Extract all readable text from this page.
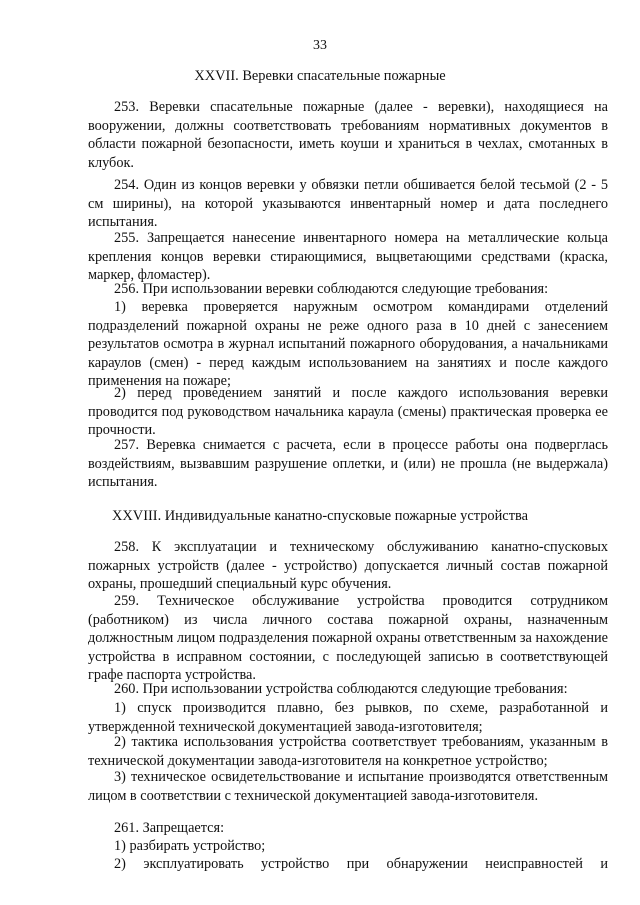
33
XXVII. Веревки спасательные пожарные

253. Веревки спасательные пожарные (далее - веревки), находящиеся на вооружении, должны соответствовать требованиям нормативных документов в области пожарной безопасности, иметь коуши и храниться в чехлах, смотанных в клубок.

254. Один из концов веревки у обвязки петли обшивается белой тесьмой (2 - 5 см ширины), на которой указываются инвентарный номер и дата последнего испытания.

255. Запрещается нанесение инвентарного номера на металлические кольца крепления концов веревки стирающимися, выцветающими средствами (краска, маркер, фломастер).

256. При использовании веревки соблюдаются следующие требования:

1) веревка проверяется наружным осмотром командирами отделений подразделений пожарной охраны не реже одного раза в 10 дней с занесением результатов осмотра в журнал испытаний пожарного оборудования, а начальниками караулов (смен) - перед каждым использованием на занятиях и после каждого применения на пожаре;

2) перед проведением занятий и после каждого использования веревки проводится под руководством начальника караула (смены) практическая проверка ее прочности.

257. Веревка снимается с расчета, если в процессе работы она подверглась воздействиям, вызвавшим разрушение оплетки, и (или) не прошла (не выдержала) испытания.

XXVIII. Индивидуальные канатно-спусковые пожарные устройства

258. К эксплуатации и техническому обслуживанию канатно-спусковых пожарных устройств (далее - устройство) допускается личный состав пожарной охраны, прошедший специальный курс обучения.

259. Техническое обслуживание устройства проводится сотрудником (работником) из числа личного состава пожарной охраны, назначенным должностным лицом подразделения пожарной охраны ответственным за нахождение устройства в исправном состоянии, с последующей записью в соответствующей графе паспорта устройства.

260. При использовании устройства соблюдаются следующие требования:

1) спуск производится плавно, без рывков, по схеме, разработанной и утвержденной технической документацией завода-изготовителя;

2) тактика использования устройства соответствует требованиям, указанным в технической документации завода-изготовителя на конкретное устройство;

3) техническое освидетельствование и испытание производятся ответственным лицом в соответствии с технической документацией завода-изготовителя.

261. Запрещается:

1) разбирать устройство;

2) эксплуатировать устройство при обнаружении неисправностей и
